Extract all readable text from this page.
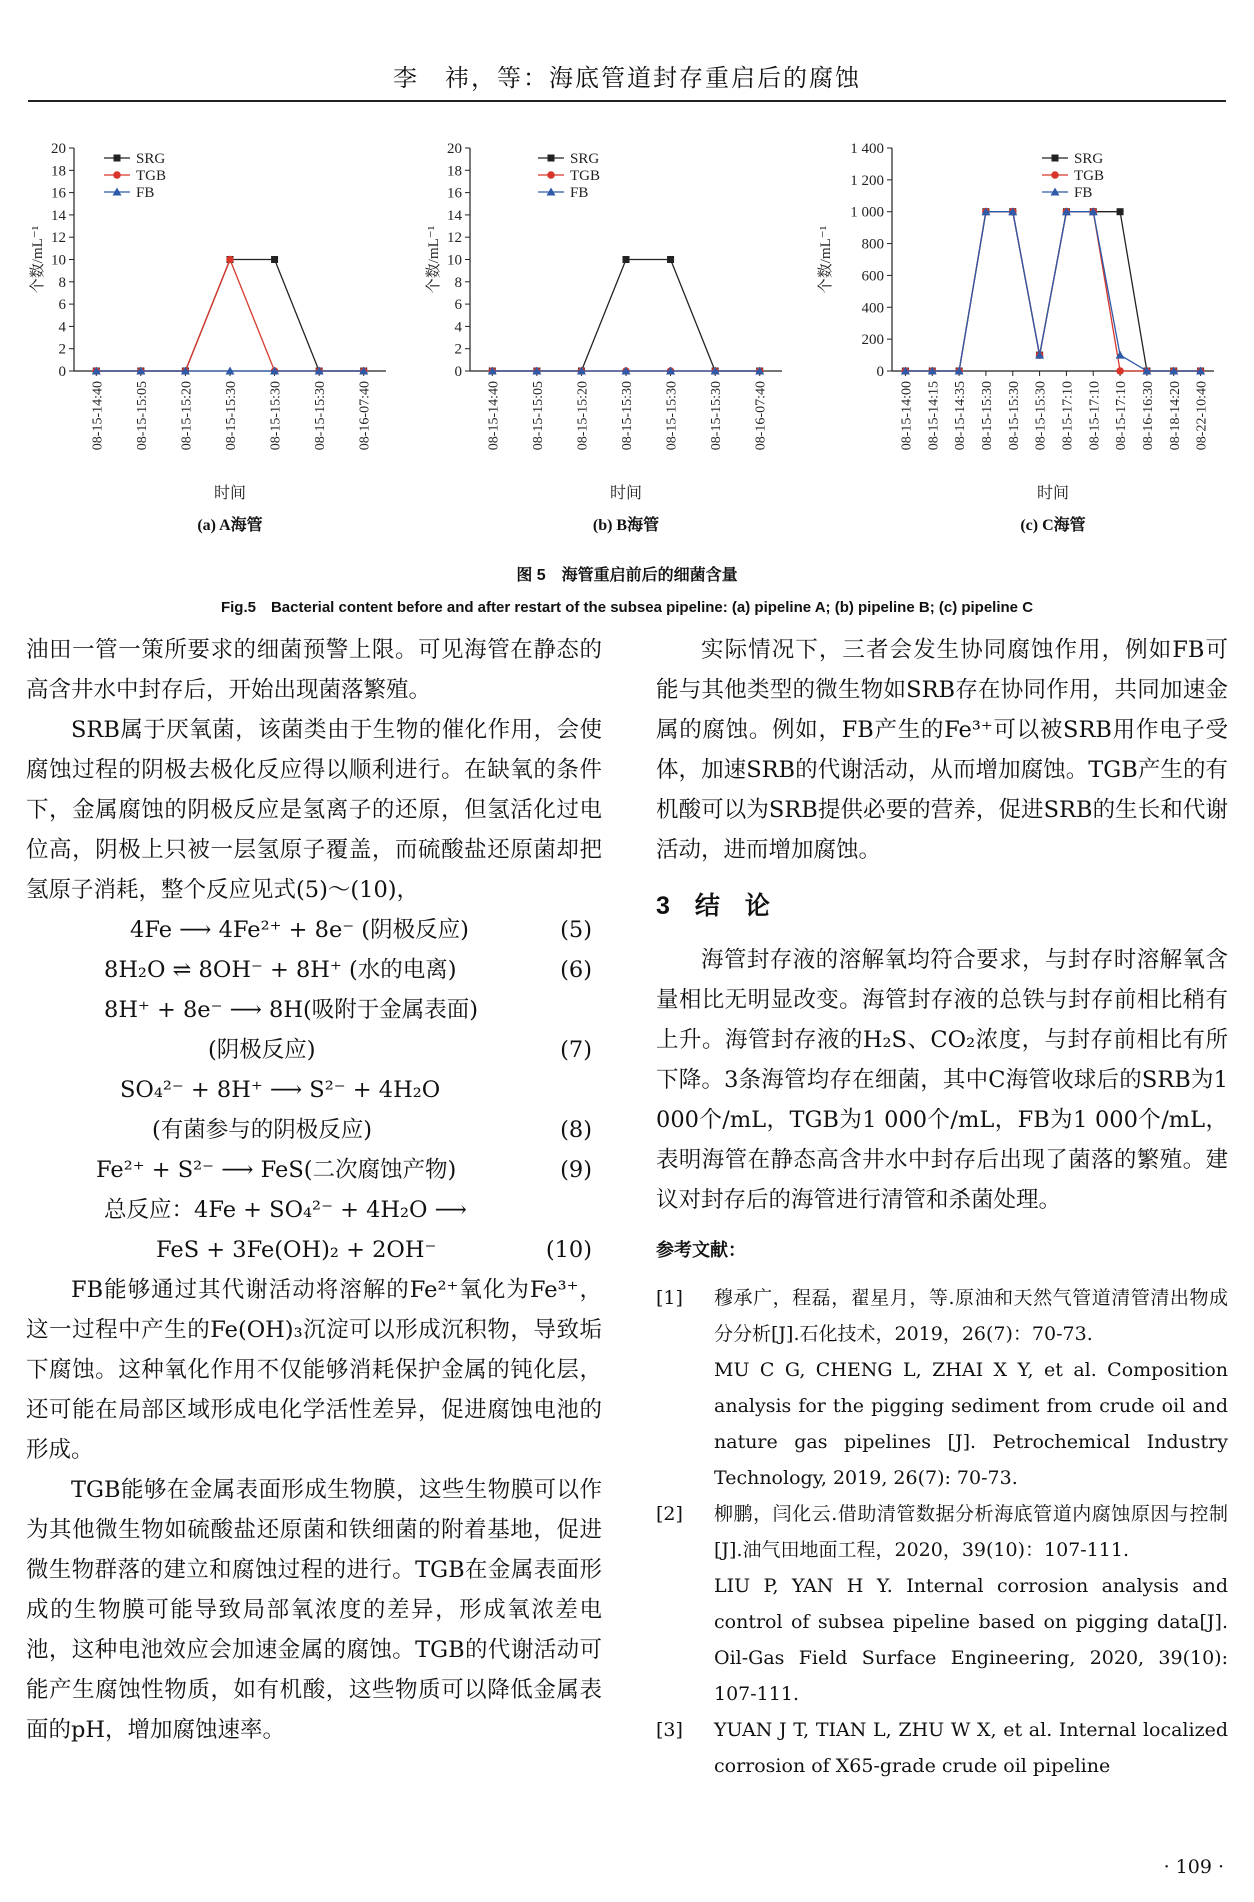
李　祎，等：海底管道封存重启后的腐蚀
0
2
4
6
8
10
12
14
16
18
20
08-15-14:40 08-15-15:05 08-15-15:20 08-15-15:30 08-15-15:30 08-15-15:30 08-16-07:40
个数/mL⁻¹
时间
(a) A海管
SRG
TGB
FB
0
2
4
6
8
10
12
14
16
18
20
08-15-14:40 08-15-15:05 08-15-15:20 08-15-15:30 08-15-15:30 08-15-15:30 08-16-07:40
个数/mL⁻¹
时间
(b) B海管
SRG
TGB
FB
0
200
400
600
800
1 000
1 200
1 400
08-15-14:00 08-15-14:15 08-15-14:35 08-15-15:30 08-15-15:30 08-15-15:30 08-15-17:10 08-15-17:10 08-15-17:10 08-16-16:30 08-18-14:20 08-22-10:40
个数/mL⁻¹
时间
(c) C海管
SRG
TGB
FB
图 5　海管重启前后的细菌含量
Fig.5　Bacterial content before and after restart of the subsea pipeline: (a) pipeline A; (b) pipeline B; (c) pipeline C

油田一管一策所要求的细菌预警上限。可见海管在静态的高含井水中封存后，开始出现菌落繁殖。

SRB属于厌氧菌，该菌类由于生物的催化作用，会使腐蚀过程的阴极去极化反应得以顺利进行。在缺氧的条件下，金属腐蚀的阴极反应是氢离子的还原，但氢活化过电位高，阴极上只被一层氢原子覆盖，而硫酸盐还原菌却把氢原子消耗，整个反应见式(5)～(10)，

4Fe ⟶ 4Fe²⁺ + 8e⁻ (阴极反应)	(5)
8H₂O ⇌ 8OH⁻ + 8H⁺ (水的电离)	(6)
8H⁺ + 8e⁻ ⟶ 8H(吸附于金属表面)
(阴极反应)	(7)
SO₄²⁻ + 8H⁺ ⟶ S²⁻ + 4H₂O
(有菌参与的阴极反应)	(8)
Fe²⁺ + S²⁻ ⟶ FeS(二次腐蚀产物)	(9)
总反应：4Fe + SO₄²⁻ + 4H₂O ⟶
FeS + 3Fe(OH)₂ + 2OH⁻	(10)

FB能够通过其代谢活动将溶解的Fe²⁺氧化为Fe³⁺，这一过程中产生的Fe(OH)₃沉淀可以形成沉积物，导致垢下腐蚀。这种氧化作用不仅能够消耗保护金属的钝化层，还可能在局部区域形成电化学活性差异，促进腐蚀电池的形成。

TGB能够在金属表面形成生物膜，这些生物膜可以作为其他微生物如硫酸盐还原菌和铁细菌的附着基地，促进微生物群落的建立和腐蚀过程的进行。TGB在金属表面形成的生物膜可能导致局部氧浓度的差异，形成氧浓差电池，这种电池效应会加速金属的腐蚀。TGB的代谢活动可能产生腐蚀性物质，如有机酸，这些物质可以降低金属表面的pH，增加腐蚀速率。

实际情况下，三者会发生协同腐蚀作用，例如FB可能与其他类型的微生物如SRB存在协同作用，共同加速金属的腐蚀。例如，FB产生的Fe³⁺可以被SRB用作电子受体，加速SRB的代谢活动，从而增加腐蚀。TGB产生的有机酸可以为SRB提供必要的营养，促进SRB的生长和代谢活动，进而增加腐蚀。

3　结　论

海管封存液的溶解氧均符合要求，与封存时溶解氧含量相比无明显改变。海管封存液的总铁与封存前相比稍有上升。海管封存液的H₂S、CO₂浓度，与封存前相比有所下降。3条海管均存在细菌，其中C海管收球后的SRB为1 000个/mL，TGB为1 000个/mL，FB为1 000个/mL，表明海管在静态高含井水中封存后出现了菌落的繁殖。建议对封存后的海管进行清管和杀菌处理。

参考文献：
[1] 穆承广，程磊，翟星月，等.原油和天然气管道清管清出物成分分析[J].石化技术，2019，26(7)：70-73.
MU C G, CHENG L, ZHAI X Y, et al. Composition analysis for the pigging sediment from crude oil and nature gas pipelines [J]. Petrochemical Industry Technology, 2019, 26(7): 70-73.
[2] 柳鹏，闫化云.借助清管数据分析海底管道内腐蚀原因与控制[J].油气田地面工程，2020，39(10)：107-111.
LIU P, YAN H Y. Internal corrosion analysis and control of subsea pipeline based on pigging data[J]. Oil-Gas Field Surface Engineering, 2020, 39(10): 107-111.
[3] YUAN J T, TIAN L, ZHU W X, et al. Internal localized corrosion of X65-grade crude oil pipeline
· 109 ·
